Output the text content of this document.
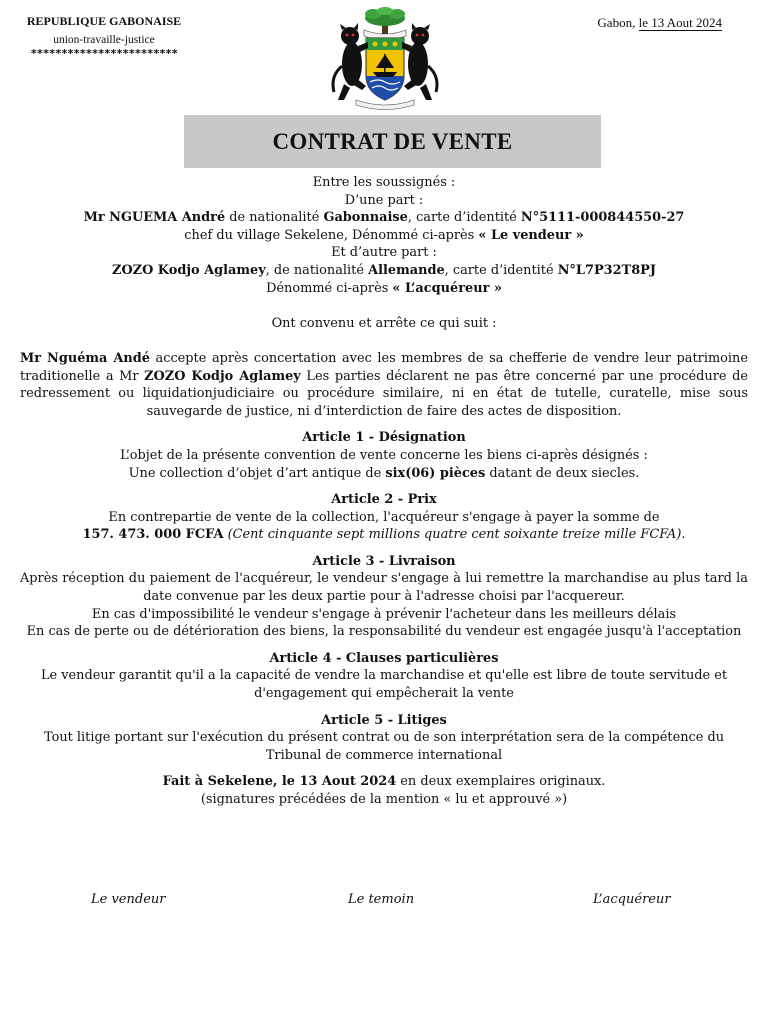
REPUBLIQUE GABONAISE
union-travaille-justice
************************
Gabon, le 13 Aout 2024
CONTRAT DE VENTE

Entre les soussignés :

D’une part :

Mr NGUEMA André de nationalité Gabonnaise, carte d’identité N°5111-000844550-27

chef du village Sekelene, Dénommé ci-après « Le vendeur »

Et d’autre part :

ZOZO Kodjo Aglamey, de nationalité Allemande, carte d’identité N°L7P32T8PJ

Dénommé ci-après « L’acquéreur »

Ont convenu et arrête ce qui suit :

Mr Nguéma Andé accepte après concertation avec les membres de sa chefferie de vendre leur patrimoine traditionelle a Mr ZOZO Kodjo Aglamey Les parties déclarent ne pas être concerné par une procédure de redressement ou liquidationjudiciaire ou procédure similaire, ni en état de tutelle, curatelle, mise sous sauvegarde de justice, ni d’interdiction de faire des actes de disposition.

Article 1 - Désignation

L’objet de la présente convention de vente concerne les biens ci-après désignés :

Une collection d’objet d’art antique de six(06) pièces datant de deux siecles.

Article 2 - Prix

En contrepartie de vente de la collection, l'acquéreur s'engage à payer la somme de

157. 473. 000 FCFA (Cent cinquante sept millions quatre cent soixante treize mille FCFA).

Article 3 - Livraison

Après réception du paiement de l'acquéreur, le vendeur s'engage à lui remettre la marchandise au plus tard la date convenue par les deux partie pour à l'adresse choisi par l'acquereur.

En cas d'impossibilité le vendeur s'engage à prévenir l'acheteur dans les meilleurs délais

En cas de perte ou de détérioration des biens, la responsabilité du vendeur est engagée jusqu'à l'acceptation

Article 4 - Clauses particulières

Le vendeur garantit qu'il a la capacité de vendre la marchandise et qu'elle est libre de toute servitude et d'engagement qui empêcherait la vente

Article 5 - Litiges

Tout litige portant sur l'exécution du présent contrat ou de son interprétation sera de la compétence du Tribunal de commerce international

Fait à Sekelene, le 13 Aout 2024 en deux exemplaires originaux.

(signatures précédées de la mention « lu et approuvé »)

Le vendeur	Le temoin	L’acquéreur
